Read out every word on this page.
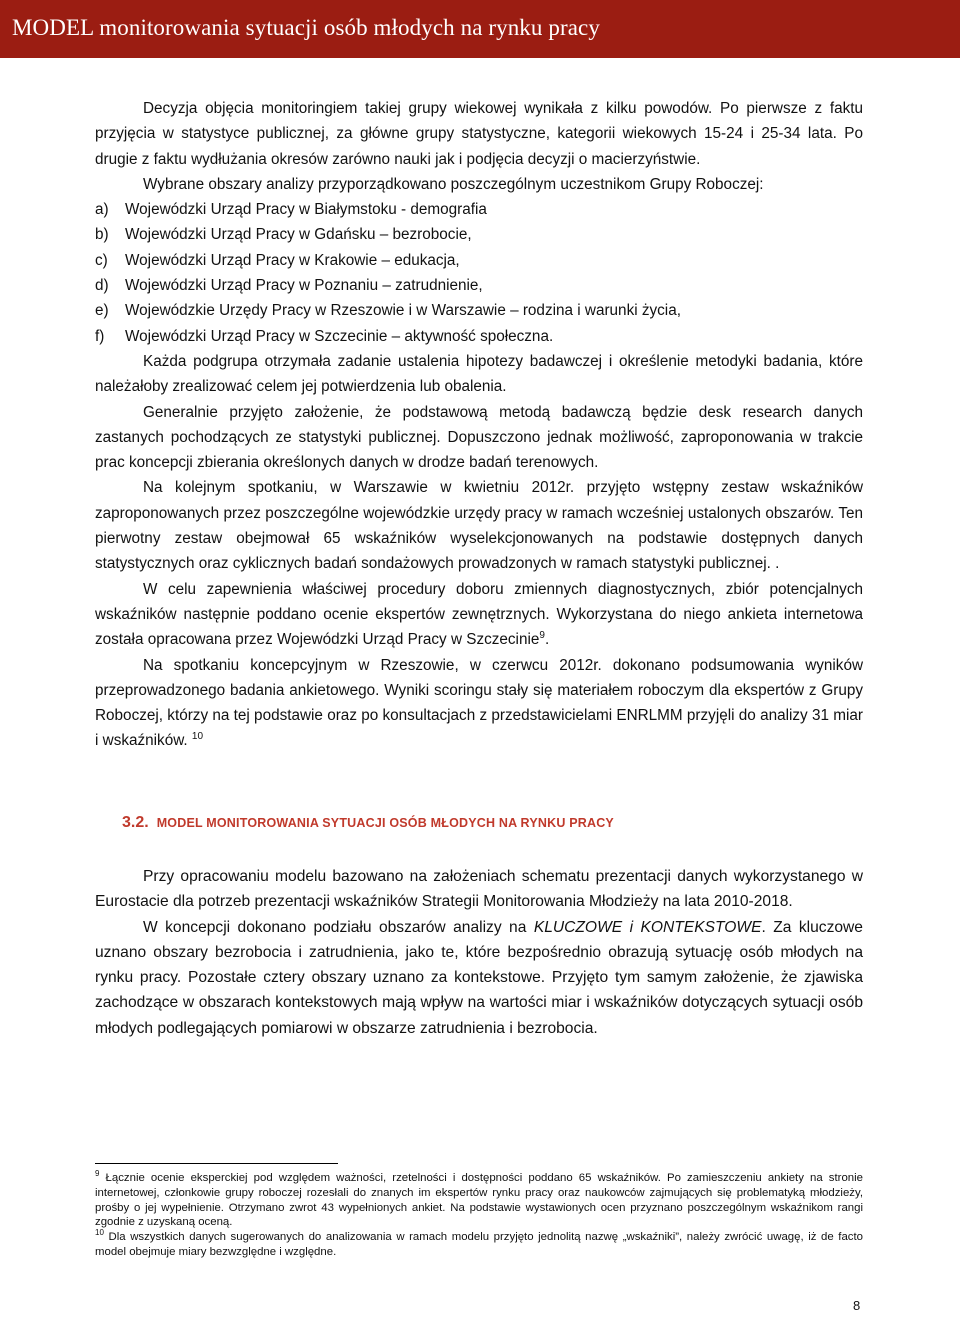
MODEL monitorowania sytuacji osób młodych na rynku pracy

Decyzja objęcia monitoringiem takiej grupy wiekowej wynikała z kilku powodów. Po pierwsze z faktu przyjęcia w statystyce publicznej, za główne grupy statystyczne, kategorii wiekowych 15-24 i 25-34 lata. Po drugie z faktu wydłużania okresów zarówno nauki jak i podjęcia decyzji o macierzyństwie.

Wybrane obszary analizy przyporządkowano poszczególnym uczestnikom Grupy Roboczej:

a) Wojewódzki Urząd Pracy w Białymstoku - demografia

b) Wojewódzki Urząd Pracy w Gdańsku – bezrobocie,

c) Wojewódzki Urząd Pracy w Krakowie – edukacja,

d) Wojewódzki Urząd Pracy w Poznaniu – zatrudnienie,

e) Wojewódzkie Urzędy Pracy w Rzeszowie i w Warszawie – rodzina i warunki życia,

f) Wojewódzki Urząd Pracy w Szczecinie – aktywność społeczna.

Każda podgrupa otrzymała zadanie ustalenia hipotezy badawczej i określenie metodyki badania, które należałoby zrealizować celem jej potwierdzenia lub obalenia.

Generalnie przyjęto założenie, że podstawową metodą badawczą będzie desk research danych zastanych pochodzących ze statystyki publicznej. Dopuszczono jednak możliwość, zaproponowania w trakcie prac koncepcji zbierania określonych danych w drodze badań terenowych.

Na kolejnym spotkaniu, w Warszawie w kwietniu 2012r. przyjęto wstępny zestaw wskaźników zaproponowanych przez poszczególne wojewódzkie urzędy pracy w ramach wcześniej ustalonych obszarów. Ten pierwotny zestaw obejmował 65 wskaźników wyselekcjonowanych na podstawie dostępnych danych statystycznych oraz cyklicznych badań sondażowych prowadzonych w ramach statystyki publicznej. .

W celu zapewnienia właściwej procedury doboru zmiennych diagnostycznych, zbiór potencjalnych wskaźników następnie poddano ocenie ekspertów zewnętrznych. Wykorzystana do niego ankieta internetowa została opracowana przez Wojewódzki Urząd Pracy w Szczecinie$^9$.

Na spotkaniu koncepcyjnym w Rzeszowie, w czerwcu 2012r. dokonano podsumowania wyników przeprowadzonego badania ankietowego. Wyniki scoringu stały się materiałem roboczym dla ekspertów z Grupy Roboczej, którzy na tej podstawie oraz po konsultacjach z przedstawicielami ENRLMM przyjęli do analizy 31 miar i wskaźników. $^{10}$

3.2. MODEL MONITOROWANIA SYTUACJI OSÓB MŁODYCH NA RYNKU PRACY

Przy opracowaniu modelu bazowano na założeniach schematu prezentacji danych wykorzystanego w Eurostacie dla potrzeb prezentacji wskaźników Strategii Monitorowania Młodzieży na lata 2010-2018.

W koncepcji dokonano podziału obszarów analizy na KLUCZOWE i KONTEKSTOWE. Za kluczowe uznano obszary bezrobocia i zatrudnienia, jako te, które bezpośrednio obrazują sytuację osób młodych na rynku pracy. Pozostałe cztery obszary uznano za kontekstowe. Przyjęto tym samym założenie, że zjawiska zachodzące w obszarach kontekstowych mają wpływ na wartości miar i wskaźników dotyczących sytuacji osób młodych podlegających pomiarowi w obszarze zatrudnienia i bezrobocia.

$^9$ Łącznie ocenie eksperckiej pod względem ważności, rzetelności i dostępności poddano 65 wskaźników. Po zamieszczeniu ankiety na stronie internetowej, członkowie grupy roboczej rozesłali do znanych im ekspertów rynku pracy oraz naukowców zajmujących się problematyką młodzieży, prośby o jej wypełnienie. Otrzymano zwrot 43 wypełnionych ankiet. Na podstawie wystawionych ocen przyznano poszczególnym wskaźnikom rangi zgodnie z uzyskaną oceną.

$^{10}$ Dla wszystkich danych sugerowanych do analizowania w ramach modelu przyjęto jednolitą nazwę „wskaźniki”, należy zwrócić uwagę, iż de facto model obejmuje miary bezwzględne i względne.

8
